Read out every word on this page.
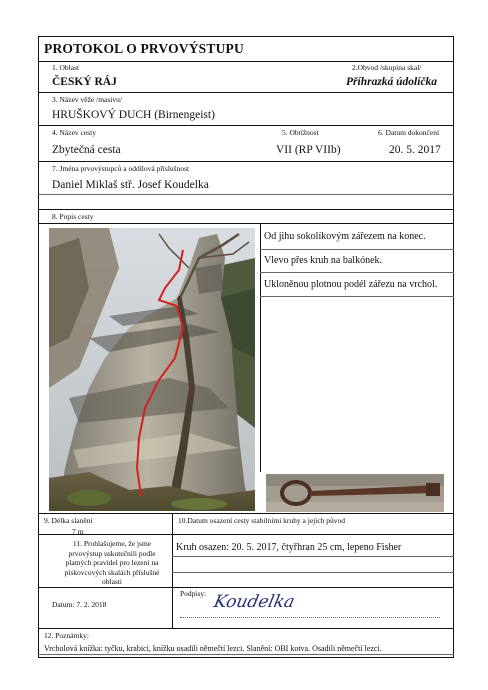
PROTOKOL O PRVOVÝSTUPU
1. Oblast	2.Obvod /skupina skal/
ČESKÝ RÁJ	Příhrazká údolíčka
3. Název věže /masivu/
HRUŠKOVÝ DUCH (Birnengeist)
4. Název cesty	5. Obtížnost	6. Datum dokončení
Zbytečná cesta	VII (RP VIIb)	20. 5. 2017
7. Jména prvovýstupců a oddílová příslušnost
Daniel Miklaš stř. Josef Koudelka
8. Popis cesty
Od jihu sokolíkovým zářezem na konec.
Vlevo přes kruh na balkónek.
Ukloněnou plotnou podél zářezu na vrchol.
9. Délka slanění
7 m
10.Datum osazení cesty stabilními kruhy a jejich původ
11. Prohlašujeme, že jsme prvovýstup uskutečnili podle platných pravidel pro lezení na pískovcových skalách příslušné oblasti
Kruh osazen: 20. 5. 2017, čtyřhran 25 cm, lepeno Fisher
Datum: 7. 2. 2018
Podpisy: Koudelka
12. Poznámky:
Vrcholová knížka: tyčku, krabici, knížku osadili němečtí lezci. Slanění: OBI kotva. Osadili němečtí lezci.
